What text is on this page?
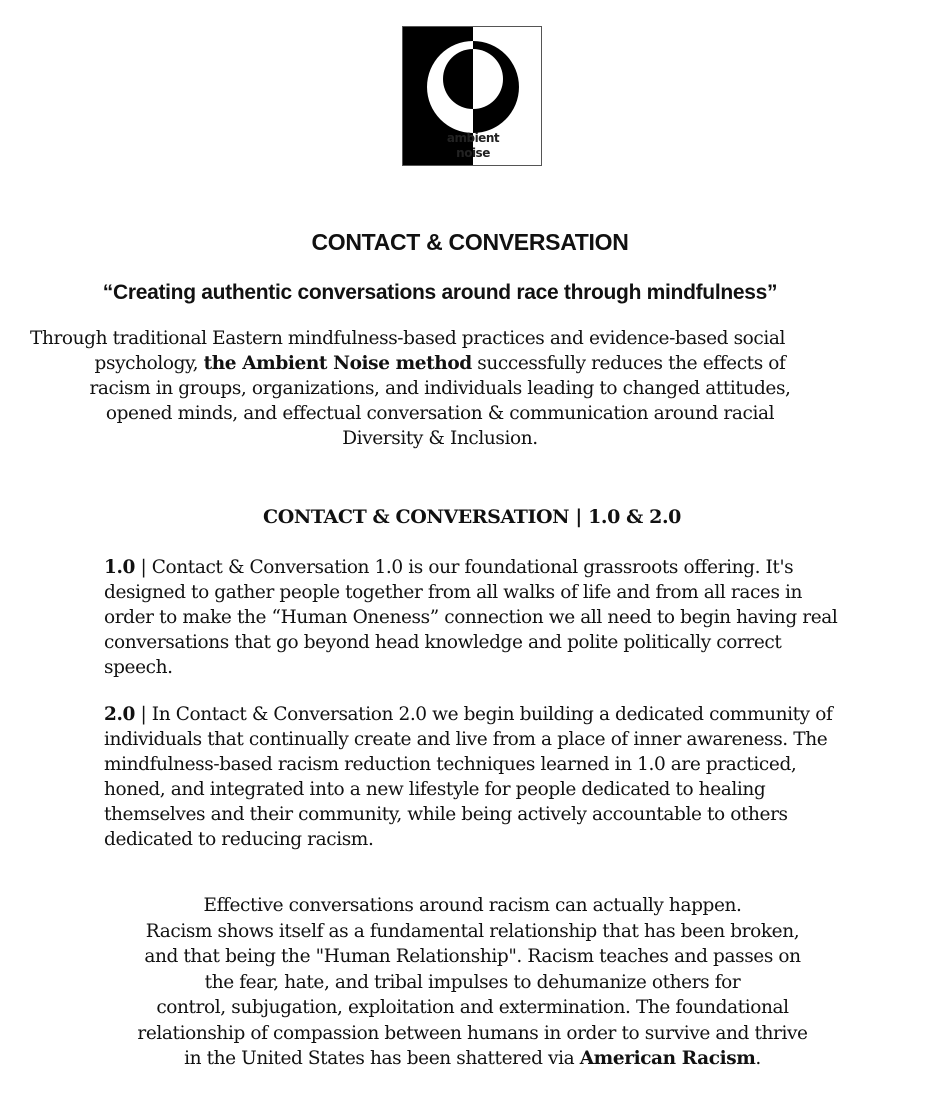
ambient
noise
CONTACT & CONVERSATION

“Creating authentic conversations around race through mindfulness”

Through traditional Eastern mindfulness-based practices and evidence-based social
psychology, the Ambient Noise method successfully reduces the effects of
racism in groups, organizations, and individuals leading to changed attitudes,
opened minds, and effectual conversation & communication around racial
Diversity & Inclusion.

CONTACT & CONVERSATION | 1.0 & 2.0

1.0 | Contact & Conversation 1.0 is our foundational grassroots offering. It's designed to gather people together from all walks of life and from all races in order to make the “Human Oneness” connection we all need to begin having real conversations that go beyond head knowledge and polite politically correct speech.

2.0 | In Contact & Conversation 2.0 we begin building a dedicated community of individuals that continually create and live from a place of inner awareness. The mindfulness-based racism reduction techniques learned in 1.0 are practiced, honed, and integrated into a new lifestyle for people dedicated to healing themselves and their community, while being actively accountable to others dedicated to reducing racism.

Effective conversations around racism can actually happen.
Racism shows itself as a fundamental relationship that has been broken,
and that being the "Human Relationship". Racism teaches and passes on
the fear, hate, and tribal impulses to dehumanize others for
control, subjugation, exploitation and extermination. The foundational
relationship of compassion between humans in order to survive and thrive
in the United States has been shattered via American Racism.
